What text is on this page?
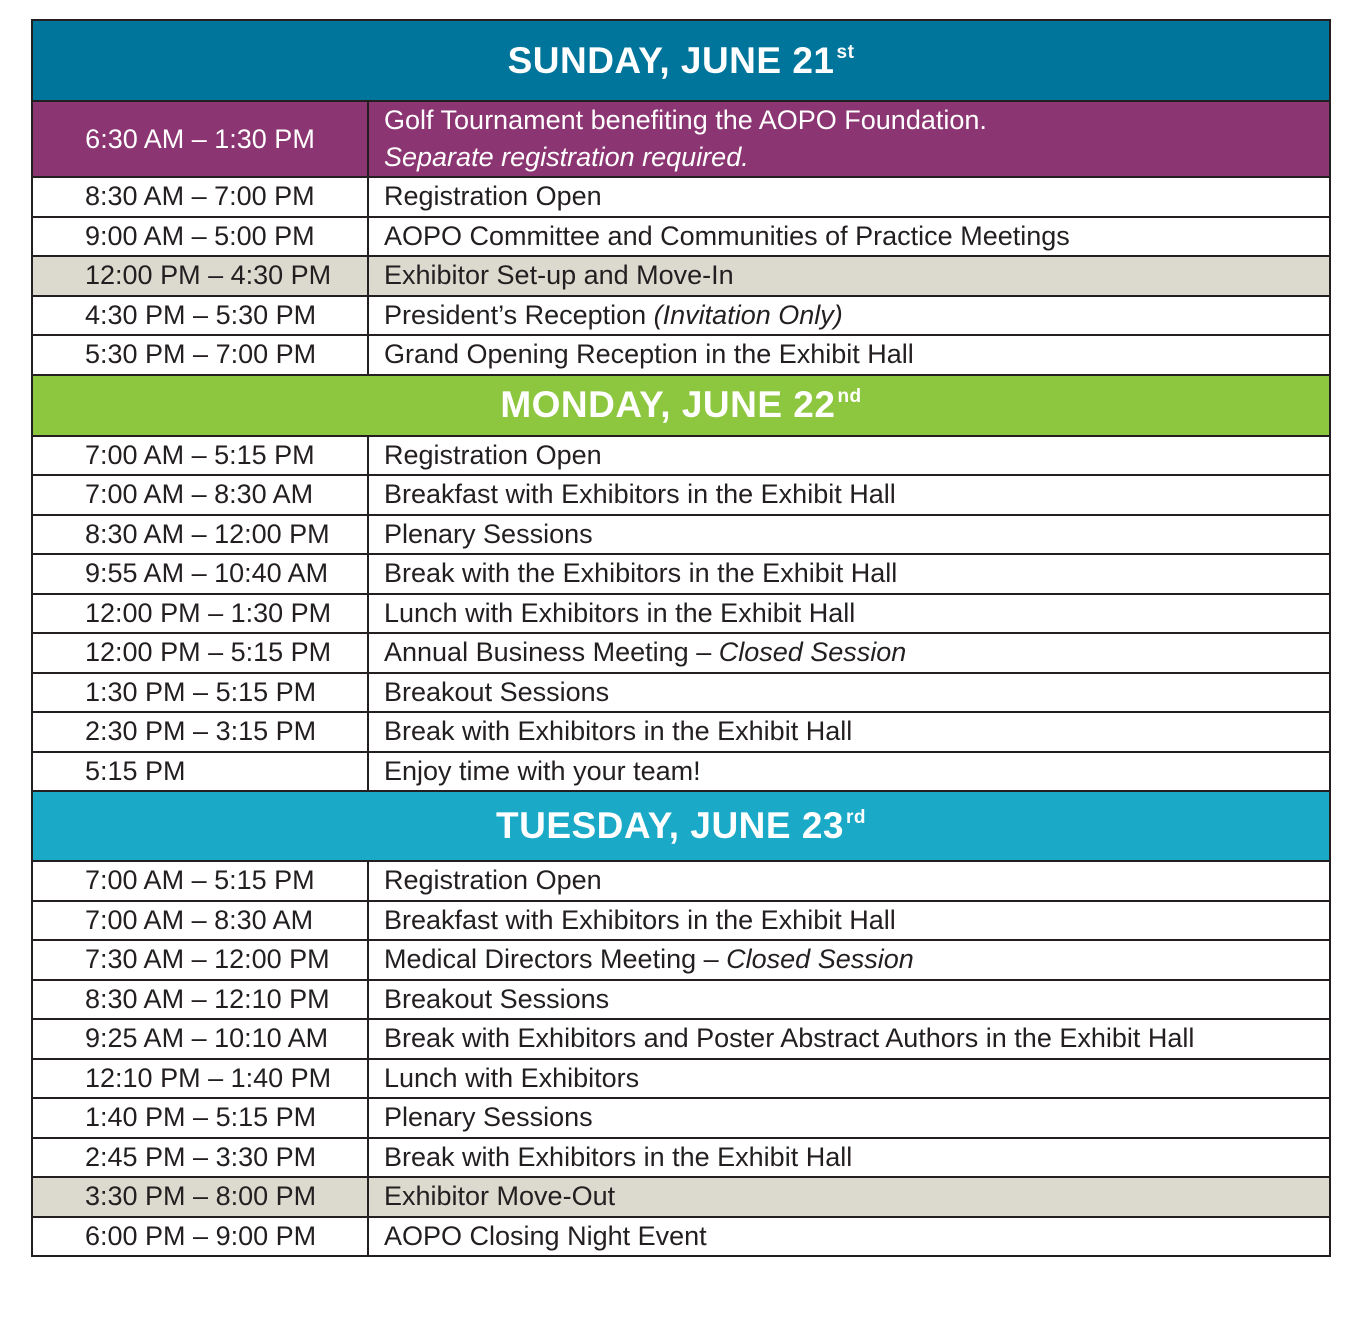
SUNDAY, JUNE 21 $^{st}$
6:30 AM – 1:30 PM	Golf Tournament benefiting the AOPO Foundation.
Separate registration required.

8:30 AM – 7:00 PM	Registration Open
9:00 AM – 5:00 PM	AOPO Committee and Communities of Practice Meetings
12:00 PM – 4:30 PM	Exhibitor Set-up and Move-In
4:30 PM – 5:30 PM	President’s Reception (Invitation Only)
5:30 PM – 7:00 PM	Grand Opening Reception in the Exhibit Hall
MONDAY, JUNE 22 $^{nd}$
7:00 AM – 5:15 PM	Registration Open
7:00 AM – 8:30 AM	Breakfast with Exhibitors in the Exhibit Hall
8:30 AM – 12:00 PM	Plenary Sessions
9:55 AM – 10:40 AM	Break with the Exhibitors in the Exhibit Hall
12:00 PM – 1:30 PM	Lunch with Exhibitors in the Exhibit Hall
12:00 PM – 5:15 PM	Annual Business Meeting – Closed Session
1:30 PM – 5:15 PM	Breakout Sessions
2:30 PM – 3:15 PM	Break with Exhibitors in the Exhibit Hall
5:15 PM	Enjoy time with your team!
TUESDAY, JUNE 23 $^{rd}$
7:00 AM – 5:15 PM	Registration Open
7:00 AM – 8:30 AM	Breakfast with Exhibitors in the Exhibit Hall
7:30 AM – 12:00 PM	Medical Directors Meeting – Closed Session
8:30 AM – 12:10 PM	Breakout Sessions
9:25 AM – 10:10 AM	Break with Exhibitors and Poster Abstract Authors in the Exhibit Hall
12:10 PM – 1:40 PM	Lunch with Exhibitors
1:40 PM – 5:15 PM	Plenary Sessions
2:45 PM – 3:30 PM	Break with Exhibitors in the Exhibit Hall
3:30 PM – 8:00 PM	Exhibitor Move-Out
6:00 PM – 9:00 PM	AOPO Closing Night Event
